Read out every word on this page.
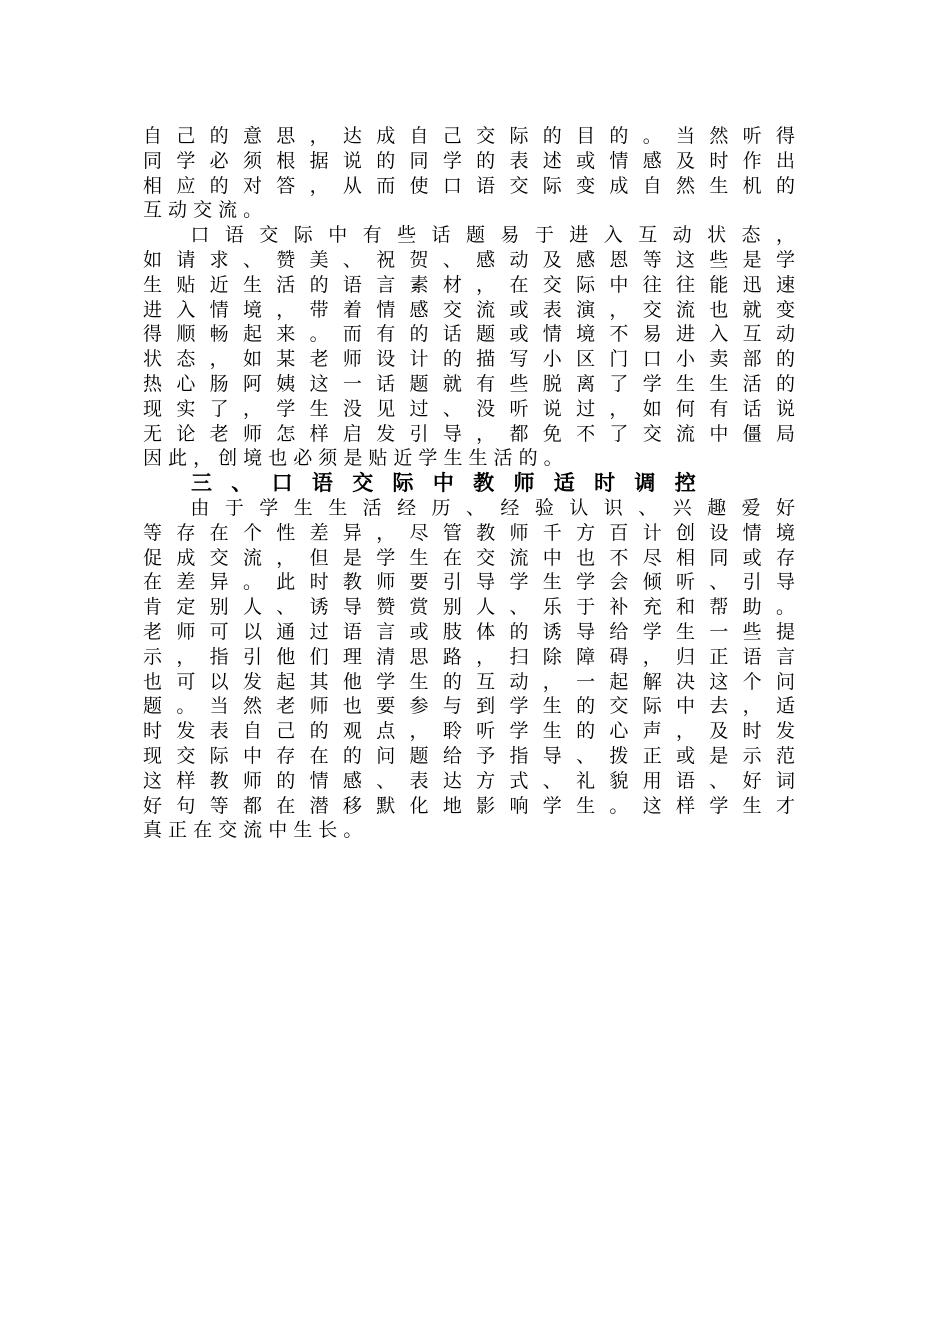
自 己 的 意 思 ， 达 成 自 己 交 际 的 目 的 。 当 然 听 得
同 学 必 须 根 据 说 的 同 学 的 表 述 或 情 感 及 时 作 出
相 应 的 对 答 ， 从 而 使 口 语 交 际 变 成 自 然 生 机 的
互 动 交 流 。
　　口 语 交 际 中 有 些 话 题 易 于 进 入 互 动 状 态 ，
如 请 求 、 赞 美 、 祝 贺 、 感 动 及 感 恩 等 这 些 是 学
生 贴 近 生 活 的 语 言 素 材 ， 在 交 际 中 往 往 能 迅 速
进 入 情 境 ， 带 着 情 感 交 流 或 表 演 ， 交 流 也 就 变
得 顺 畅 起 来 。 而 有 的 话 题 或 情 境 不 易 进 入 互 动
状 态 ， 如 某 老 师 设 计 的 描 写 小 区 门 口 小 卖 部 的
热 心 肠 阿 姨 这 一 话 题 就 有 些 脱 离 了 学 生 生 活 的
现 实 了 ， 学 生 没 见 过 、 没 听 说 过 ， 如 何 有 话 说
无 论 老 师 怎 样 启 发 引 导 ， 都 免 不 了 交 流 中 僵 局
因 此 ， 创 境 也 必 须 是 贴 近 学 生 生 活 的 。
三 、 口 语 交 际 中 教 师 适 时 调 控
　　由 于 学 生 生 活 经 历 、 经 验 认 识 、 兴 趣 爱 好
等 存 在 个 性 差 异 ， 尽 管 教 师 千 方 百 计 创 设 情 境
促 成 交 流 ， 但 是 学 生 在 交 流 中 也 不 尽 相 同 或 存
在 差 异 。 此 时 教 师 要 引 导 学 生 学 会 倾 听 、 引 导
肯 定 别 人 、 诱 导 赞 赏 别 人 、 乐 于 补 充 和 帮 助 。
老 师 可 以 通 过 语 言 或 肢 体 的 诱 导 给 学 生 一 些 提
示 ， 指 引 他 们 理 清 思 路 ， 扫 除 障 碍 ， 归 正 语 言
也 可 以 发 起 其 他 学 生 的 互 动 ， 一 起 解 决 这 个 问
题 。 当 然 老 师 也 要 参 与 到 学 生 的 交 际 中 去 ， 适
时 发 表 自 己 的 观 点 ， 聆 听 学 生 的 心 声 ， 及 时 发
现 交 际 中 存 在 的 问 题 给 予 指 导 、 拨 正 或 是 示 范
这 样 教 师 的 情 感 、 表 达 方 式 、 礼 貌 用 语 、 好 词
好 句 等 都 在 潜 移 默 化 地 影 响 学 生 。 这 样 学 生 才
真 正 在 交 流 中 生 长 。
